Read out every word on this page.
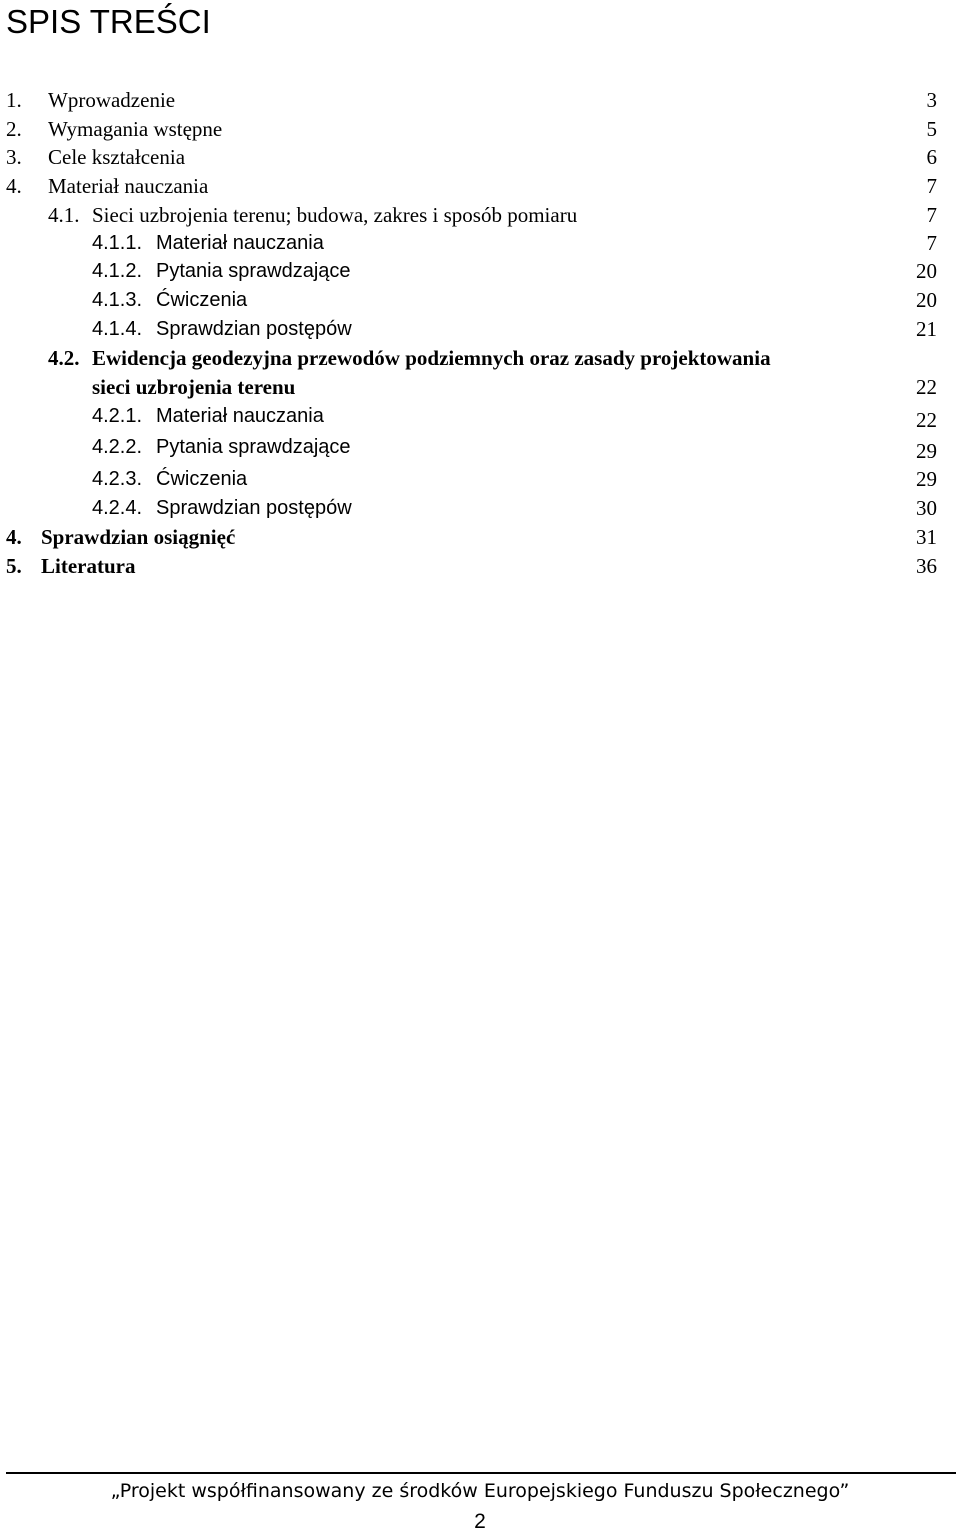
SPIS TREŚCI
1. Wprowadzenie	3
2. Wymagania wstępne	5
3. Cele kształcenia	6
4. Materiał nauczania	7
4.1. Sieci uzbrojenia terenu; budowa, zakres i sposób pomiaru	7
4.1.1. Materiał nauczania	7
4.1.2. Pytania sprawdzające	20
4.1.3. Ćwiczenia	20
4.1.4. Sprawdzian postępów	21
4.2. Ewidencja geodezyjna przewodów podziemnych oraz zasady projektowania
sieci uzbrojenia terenu	22
4.2.1. Materiał nauczania	22
4.2.2. Pytania sprawdzające	29
4.2.3. Ćwiczenia	29
4.2.4. Sprawdzian postępów	30
4. Sprawdzian osiągnięć	31
5. Literatura	36
„Projekt współfinansowany ze środków Europejskiego Funduszu Społecznego”
2
